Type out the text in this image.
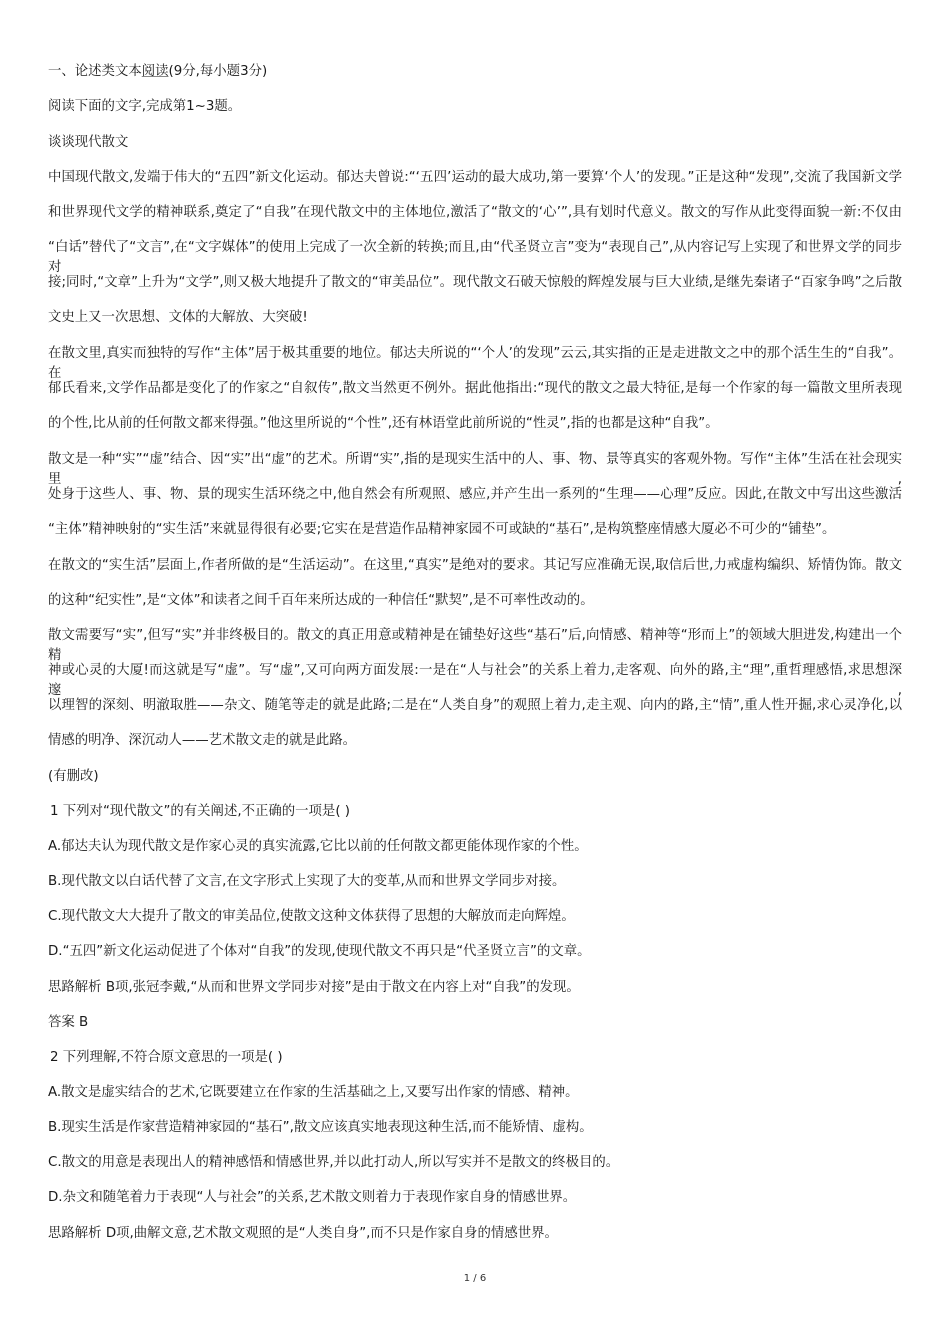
一、论述类文本阅读(9分,每小题3分)
阅读下面的文字,完成第1~3题。
谈谈现代散文
中国现代散文,发端于伟大的“五四”新文化运动。郁达夫曾说:“‘五四’运动的最大成功,第一要算‘个人’的发现。”正是这种“发现”,交流了我国新文学
和世界现代文学的精神联系,奠定了“自我”在现代散文中的主体地位,激活了“散文的‘心’”,具有划时代意义。散文的写作从此变得面貌一新:不仅由
“白话”替代了“文言”,在“文字媒体”的使用上完成了一次全新的转换;而且,由“代圣贤立言”变为“表现自己”,从内容记写上实现了和世界文学的同步对
接;同时,“文章”上升为“文学”,则又极大地提升了散文的“审美品位”。现代散文石破天惊般的辉煌发展与巨大业绩,是继先秦诸子“百家争鸣”之后散
文史上又一次思想、文体的大解放、大突破!
在散文里,真实而独特的写作“主体”居于极其重要的地位。郁达夫所说的“‘个人’的发现”云云,其实指的正是走进散文之中的那个活生生的“自我”。在
郁氏看来,文学作品都是变化了的作家之“自叙传”,散文当然更不例外。据此他指出:“现代的散文之最大特征,是每一个作家的每一篇散文里所表现
的个性,比从前的任何散文都来得强。”他这里所说的“个性”,还有林语堂此前所说的“性灵”,指的也都是这种“自我”。
散文是一种“实”“虚”结合、因“实”出“虚”的艺术。所谓“实”,指的是现实生活中的人、事、物、景等真实的客观外物。写作“主体”生活在社会现实里,
处身于这些人、事、物、景的现实生活环绕之中,他自然会有所观照、感应,并产生出一系列的“生理——心理”反应。因此,在散文中写出这些激活
“主体”精神映射的“实生活”来就显得很有必要;它实在是营造作品精神家园不可或缺的“基石”,是构筑整座情感大厦必不可少的“铺垫”。
在散文的“实生活”层面上,作者所做的是“生活运动”。在这里,“真实”是绝对的要求。其记写应准确无误,取信后世,力戒虚构编织、矫情伪饰。散文
的这种“纪实性”,是“文体”和读者之间千百年来所达成的一种信任“默契”,是不可率性改动的。
散文需要写“实”,但写“实”并非终极目的。散文的真正用意或精神是在铺垫好这些“基石”后,向情感、精神等“形而上”的领域大胆进发,构建出一个精
神或心灵的大厦!而这就是写“虚”。写“虚”,又可向两方面发展:一是在“人与社会”的关系上着力,走客观、向外的路,主“理”,重哲理感悟,求思想深邃,
以理智的深刻、明澈取胜——杂文、随笔等走的就是此路;二是在“人类自身”的观照上着力,走主观、向内的路,主“情”,重人性开掘,求心灵净化,以
情感的明净、深沉动人——艺术散文走的就是此路。
(有删改)
1 下列对“现代散文”的有关阐述,不正确的一项是( )
A.郁达夫认为现代散文是作家心灵的真实流露,它比以前的任何散文都更能体现作家的个性。
B.现代散文以白话代替了文言,在文字形式上实现了大的变革,从而和世界文学同步对接。
C.现代散文大大提升了散文的审美品位,使散文这种文体获得了思想的大解放而走向辉煌。
D.“五四”新文化运动促进了个体对“自我”的发现,使现代散文不再只是“代圣贤立言”的文章。
思路解析 B项,张冠李戴,“从而和世界文学同步对接”是由于散文在内容上对“自我”的发现。
答案 B
2 下列理解,不符合原文意思的一项是( )
A.散文是虚实结合的艺术,它既要建立在作家的生活基础之上,又要写出作家的情感、精神。
B.现实生活是作家营造精神家园的“基石”,散文应该真实地表现这种生活,而不能矫情、虚构。
C.散文的用意是表现出人的精神感悟和情感世界,并以此打动人,所以写实并不是散文的终极目的。
D.杂文和随笔着力于表现“人与社会”的关系,艺术散文则着力于表现作家自身的情感世界。
思路解析 D项,曲解文意,艺术散文观照的是“人类自身”,而不只是作家自身的情感世界。
1 / 6
